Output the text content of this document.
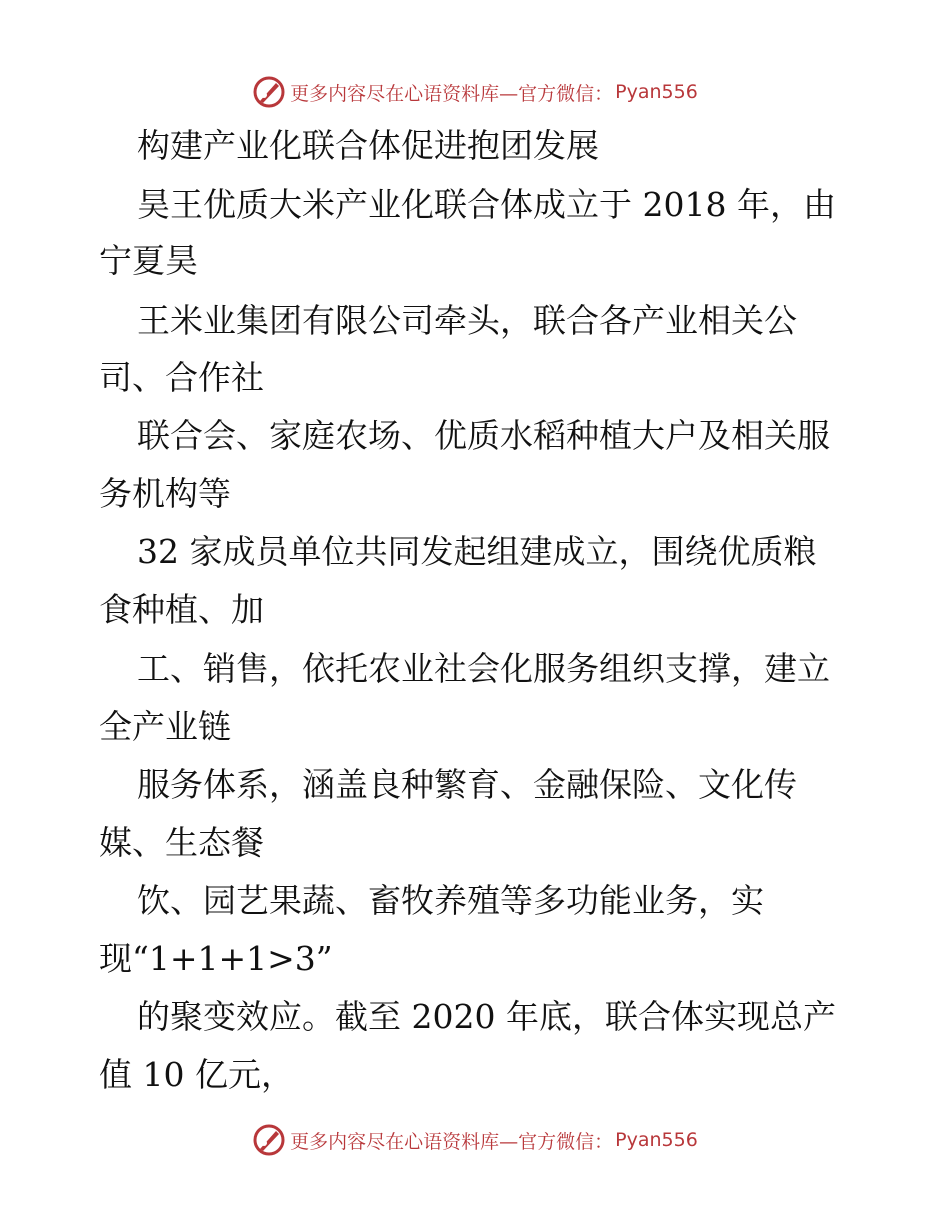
更多内容尽在心语资料库—官方微信： Pyan556
构建产业化联合体促进抱团发展
昊王优质大米产业化联合体成立于 2018 年，由
宁夏昊
王米业集团有限公司牵头，联合各产业相关公
司、合作社
联合会、家庭农场、优质水稻种植大户及相关服
务机构等
32 家成员单位共同发起组建成立，围绕优质粮
食种植、加
工、销售，依托农业社会化服务组织支撑，建立
全产业链
服务体系，涵盖良种繁育、金融保险、文化传
媒、生态餐
饮、园艺果蔬、畜牧养殖等多功能业务，实
现“1+1+1>3”
的聚变效应。截至 2020 年底，联合体实现总产
值 10 亿元，
更多内容尽在心语资料库—官方微信： Pyan556
